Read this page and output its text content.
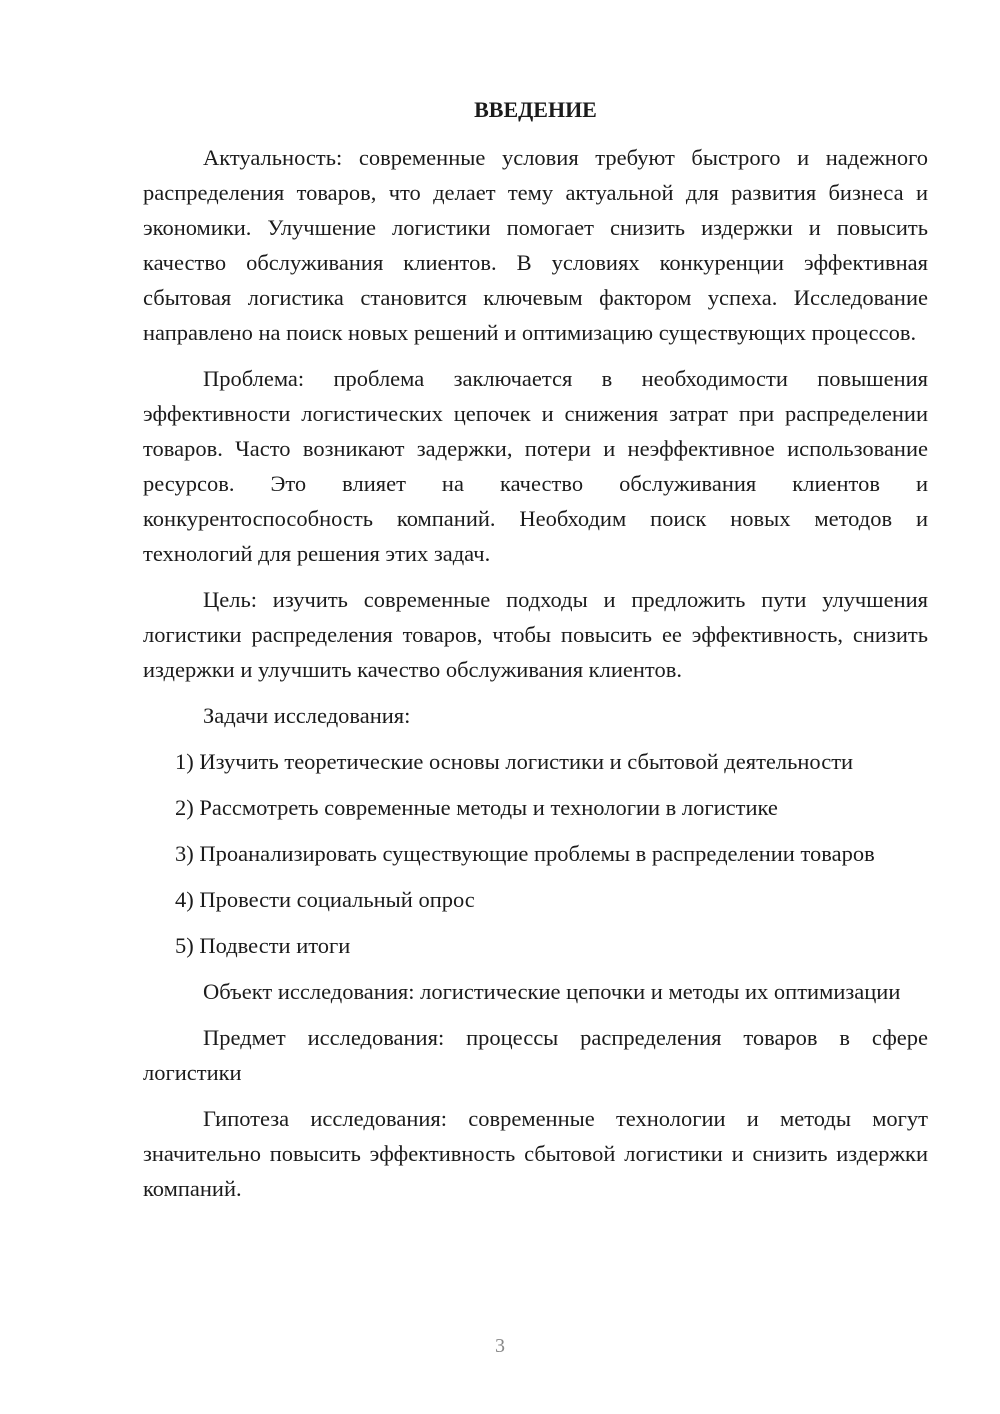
ВВЕДЕНИЕ

Актуальность: современные условия требуют быстрого и надежного распределения товаров, что делает тему актуальной для развития бизнеса и экономики. Улучшение логистики помогает снизить издержки и повысить качество обслуживания клиентов. В условиях конкуренции эффективная сбытовая логистика становится ключевым фактором успеха. Исследование направлено на поиск новых решений и оптимизацию существующих процессов.

Проблема: проблема заключается в необходимости повышения эффективности логистических цепочек и снижения затрат при распределении товаров. Часто возникают задержки, потери и неэффективное использование ресурсов. Это влияет на качество обслуживания клиентов и конкурентоспособность компаний. Необходим поиск новых методов и технологий для решения этих задач.

Цель: изучить современные подходы и предложить пути улучшения логистики распределения товаров, чтобы повысить ее эффективность, снизить издержки и улучшить качество обслуживания клиентов.

Задачи исследования:

1) Изучить теоретические основы логистики и сбытовой деятельности

2) Рассмотреть современные методы и технологии в логистике

3) Проанализировать существующие проблемы в распределении товаров

4) Провести социальный опрос

5) Подвести итоги

Объект исследования: логистические цепочки и методы их оптимизации

Предмет исследования: процессы распределения товаров в сфере логистики

Гипотеза исследования: современные технологии и методы могут значительно повысить эффективность сбытовой логистики и снизить издержки компаний.

3
